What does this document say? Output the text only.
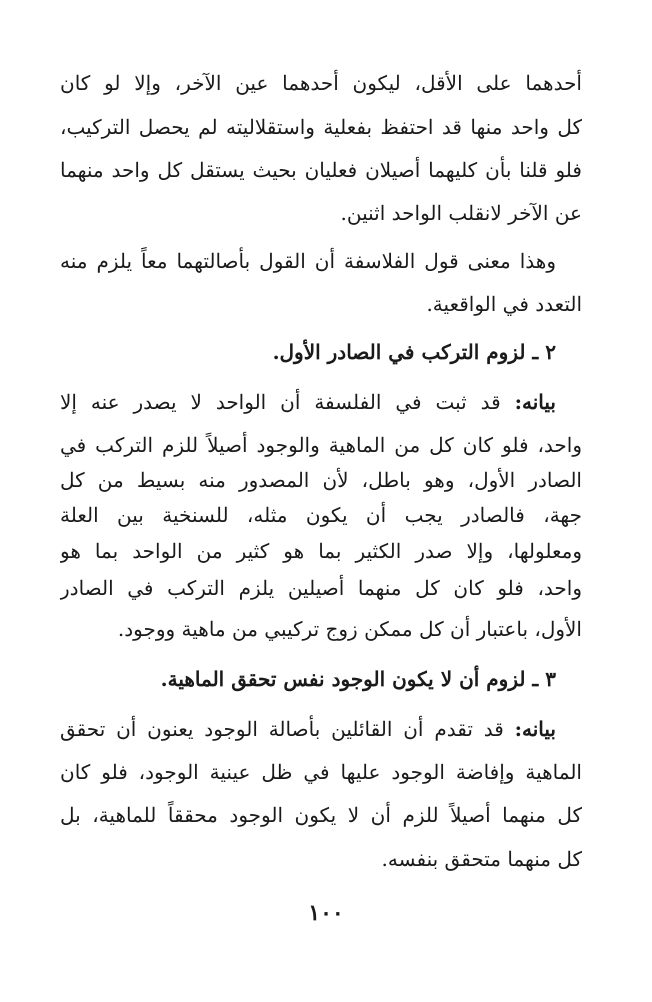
أحدهما على الأقل، ليكون أحدهما عين الآخر، وإلا لو كان
كل واحد منها قد احتفظ بفعلية واستقلاليته لم يحصل التركيب،
فلو قلنا بأن كليهما أصيلان فعليان بحيث يستقل كل واحد منهما
عن الآخر لانقلب الواحد اثنين.
وهذا معنى قول الفلاسفة أن القول بأصالتهما معاً يلزم منه
التعدد في الواقعية.
٢ ـ لزوم التركب في الصادر الأول.
بيانه: قد ثبت في الفلسفة أن الواحد لا يصدر عنه إلا
واحد، فلو كان كل من الماهية والوجود أصيلاً للزم التركب في
الصادر الأول، وهو باطل، لأن المصدور منه بسيط من كل
جهة، فالصادر يجب أن يكون مثله، للسنخية بين العلة
ومعلولها، وإلا صدر الكثير بما هو كثير من الواحد بما هو
واحد، فلو كان كل منهما أصيلين يلزم التركب في الصادر
الأول، باعتبار أن كل ممكن زوج تركيبي من ماهية ووجود.
٣ ـ لزوم أن لا يكون الوجود نفس تحقق الماهية.
بيانه: قد تقدم أن القائلين بأصالة الوجود يعنون أن تحقق
الماهية وإفاضة الوجود عليها في ظل عينية الوجود، فلو كان
كل منهما أصيلاً للزم أن لا يكون الوجود محققاً للماهية، بل
كل منهما متحقق بنفسه.
١٠٠
